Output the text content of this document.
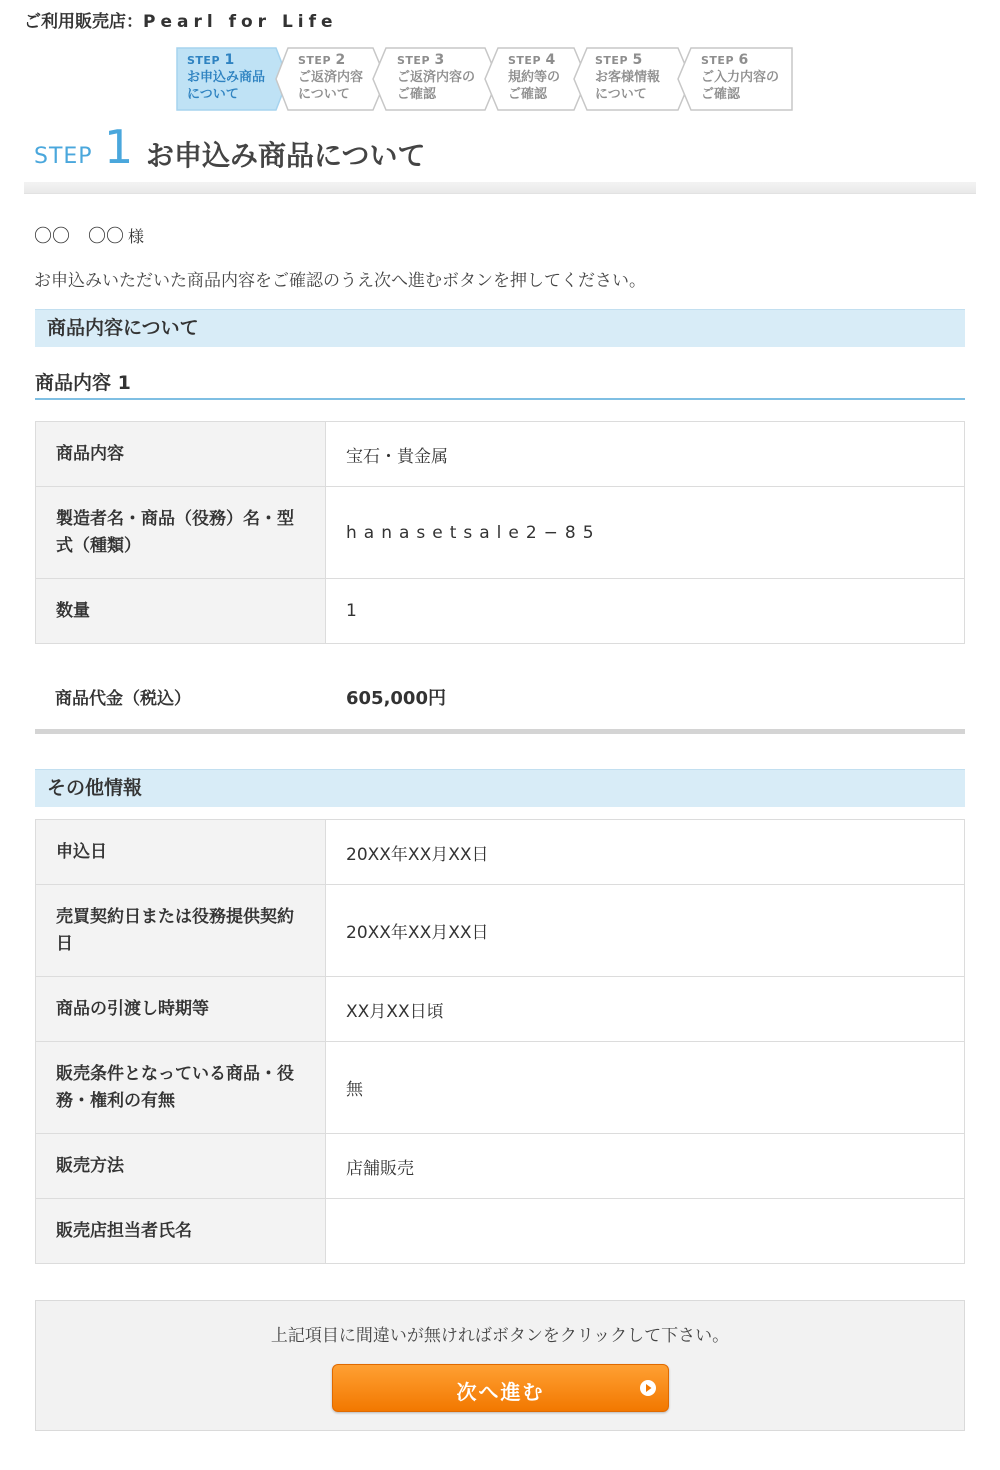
ご利用販売店：Pearl for Life
STEP 1
お申込み商品
について
STEP 2
ご返済内容
について
STEP 3
ご返済内容の
ご確認
STEP 4
規約等の
ご確認
STEP 5
お客様情報
について
STEP 6
ご入力内容の
ご確認
STEP 1 お申込み商品について
〇〇　〇〇 様
お申込みいただいた商品内容をご確認のうえ次へ進むボタンを押してください。
商品内容について
商品内容 1
商品内容	宝石・貴金属
製造者名・商品（役務）名・型式（種類）	hanasetsale2−85
数量	1
商品代金（税込）	605,000円
その他情報
申込日	20XX年XX月XX日
売買契約日または役務提供契約日	20XX年XX月XX日
商品の引渡し時期等	XX月XX日頃
販売条件となっている商品・役務・権利の有無	無
販売方法	店舗販売
販売店担当者氏名	
上記項目に間違いが無ければボタンをクリックして下さい。
次へ進む
